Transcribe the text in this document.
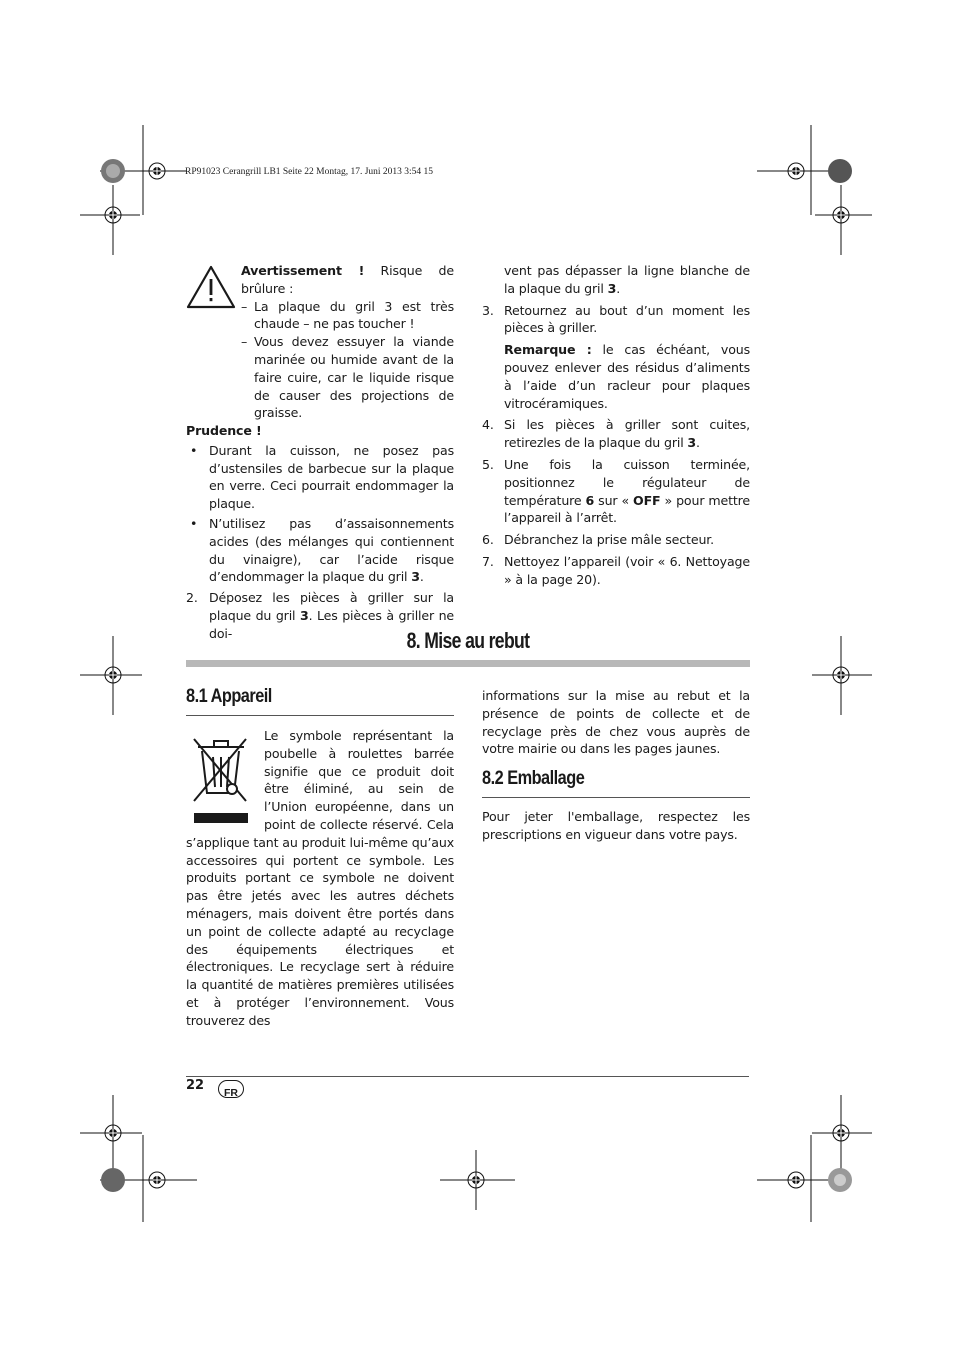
RP91023 Cerangrill LB1 Seite 22 Montag, 17. Juni 2013 3:54 15
Avertissement ! Risque de brûlure :
– La plaque du gril 3 est très chaude – ne pas toucher !
– Vous devez essuyer la viande marinée ou humide avant de la faire cuire, car le liquide risque de causer des projections de graisse.
Prudence !
• Durant la cuisson, ne posez pas d’ustensiles de barbecue sur la plaque en verre. Ceci pourrait endommager la plaque.
• N’utilisez pas d’assaisonnements acides (des mélanges qui contiennent du vinaigre), car l’acide risque d’endommager la plaque du gril 3.
2. Déposez les pièces à griller sur la plaque du gril 3. Les pièces à griller ne doi-
vent pas dépasser la ligne blanche de la plaque du gril 3.
3. Retournez au bout d’un moment les pièces à griller.
Remarque : le cas échéant, vous pouvez enlever des résidus d’aliments à l’aide d’un racleur pour plaques vitrocéramiques.
4. Si les pièces à griller sont cuites, retirezles de la plaque du gril 3.
5. Une fois la cuisson terminée, positionnez le régulateur de température 6 sur « OFF » pour mettre l’appareil à l’arrêt.
6. Débranchez la prise mâle secteur.
7. Nettoyez l’appareil (voir « 6. Nettoyage » à la page 20).
8. Mise au rebut
8.1 Appareil
Le symbole représentant la poubelle à roulettes barrée signifie que ce produit doit être éliminé, au sein de l’Union européenne, dans un point de collecte réservé. Cela s’applique tant au produit lui-même qu’aux accessoires qui portent ce symbole. Les produits portant ce symbole ne doivent pas être jetés avec les autres déchets ménagers, mais doivent être portés dans un point de collecte adapté au recyclage des équipements électriques et électroniques. Le recyclage sert à réduire la quantité de matières premières utilisées et à protéger l’environnement. Vous trouverez des
informations sur la mise au rebut et la présence de points de collecte et de recyclage près de chez vous auprès de votre mairie ou dans les pages jaunes.
8.2 Emballage
Pour jeter l'emballage, respectez les prescriptions en vigueur dans votre pays.
22	FR
